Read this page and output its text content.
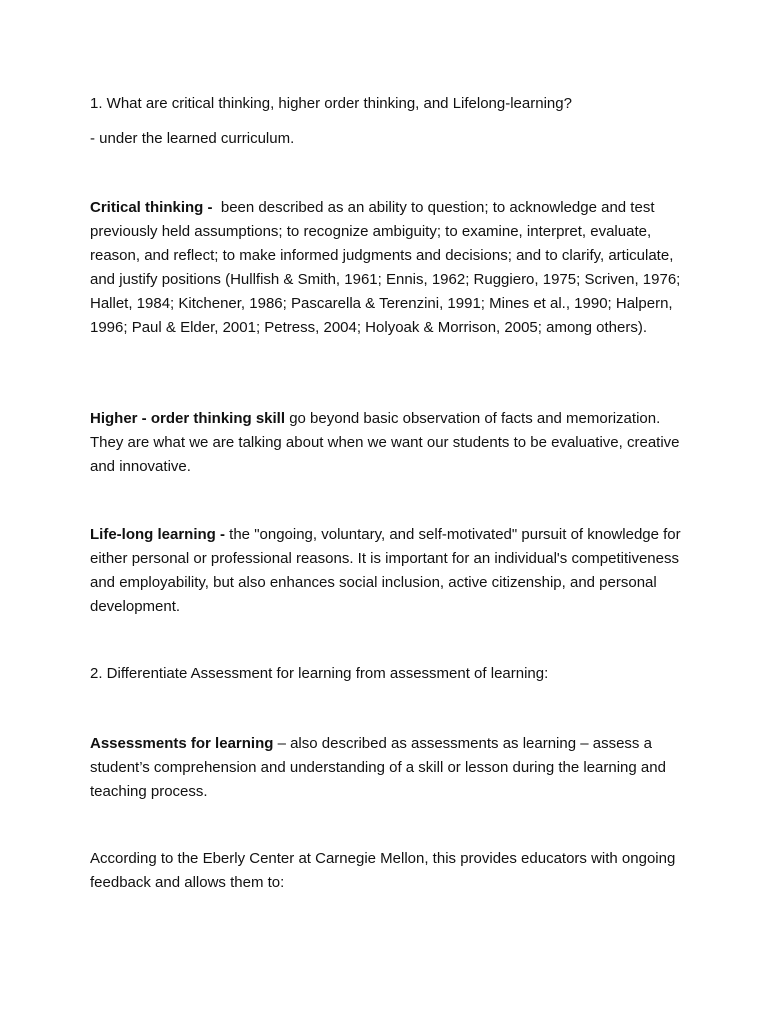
1. What are critical thinking, higher order thinking, and Lifelong-learning?

- under the learned curriculum.

Critical thinking - been described as an ability to question; to acknowledge and test previously held assumptions; to recognize ambiguity; to examine, interpret, evaluate, reason, and reflect; to make informed judgments and decisions; and to clarify, articulate, and justify positions (Hullfish & Smith, 1961; Ennis, 1962; Ruggiero, 1975; Scriven, 1976; Hallet, 1984; Kitchener, 1986; Pascarella & Terenzini, 1991; Mines et al., 1990; Halpern, 1996; Paul & Elder, 2001; Petress, 2004; Holyoak & Morrison, 2005; among others).

Higher - order thinking skill go beyond basic observation of facts and memorization. They are what we are talking about when we want our students to be evaluative, creative and innovative.

Life-long learning - the "ongoing, voluntary, and self-motivated" pursuit of knowledge for either personal or professional reasons. It is important for an individual's competitiveness and employability, but also enhances social inclusion, active citizenship, and personal development.

2. Differentiate Assessment for learning from assessment of learning:

Assessments for learning – also described as assessments as learning – assess a student’s comprehension and understanding of a skill or lesson during the learning and teaching process.

According to the Eberly Center at Carnegie Mellon, this provides educators with ongoing feedback and allows them to:
